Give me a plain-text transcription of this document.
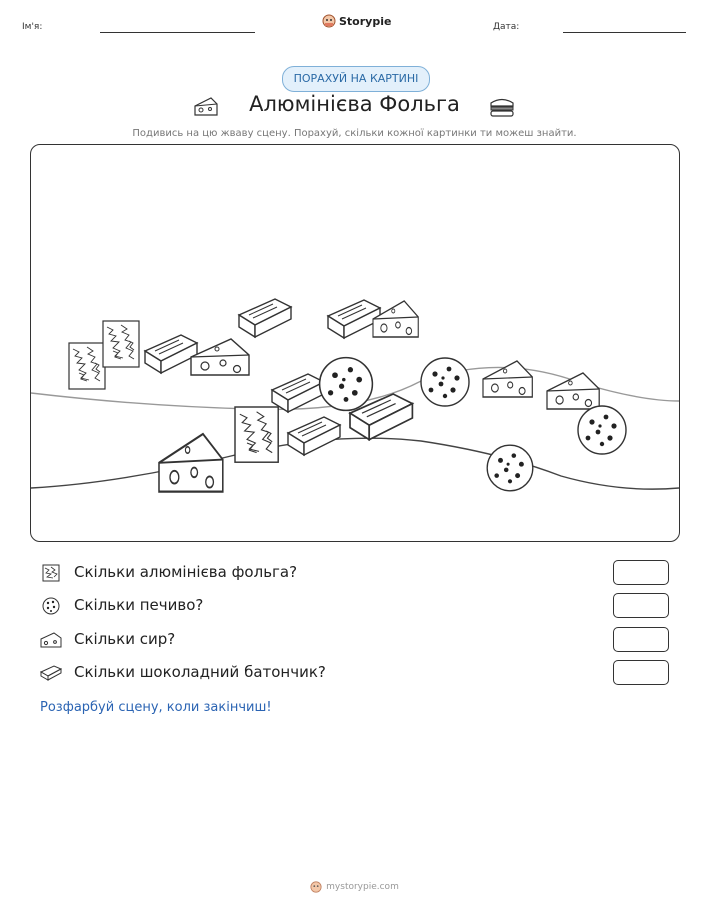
Ім'я:	Storypie	Дата:
ПОРАХУЙ НА КАРТИНІ
Алюмінієва Фольга
Подивись на цю жваву сцену. Порахуй, скільки кожної картинки ти можеш знайти.
Скільки алюмінієва фольга?
Скільки печиво?
Скільки сир?
Скільки шоколадний батончик?
Розфарбуй сцену, коли закінчиш!
mystorypie.com
